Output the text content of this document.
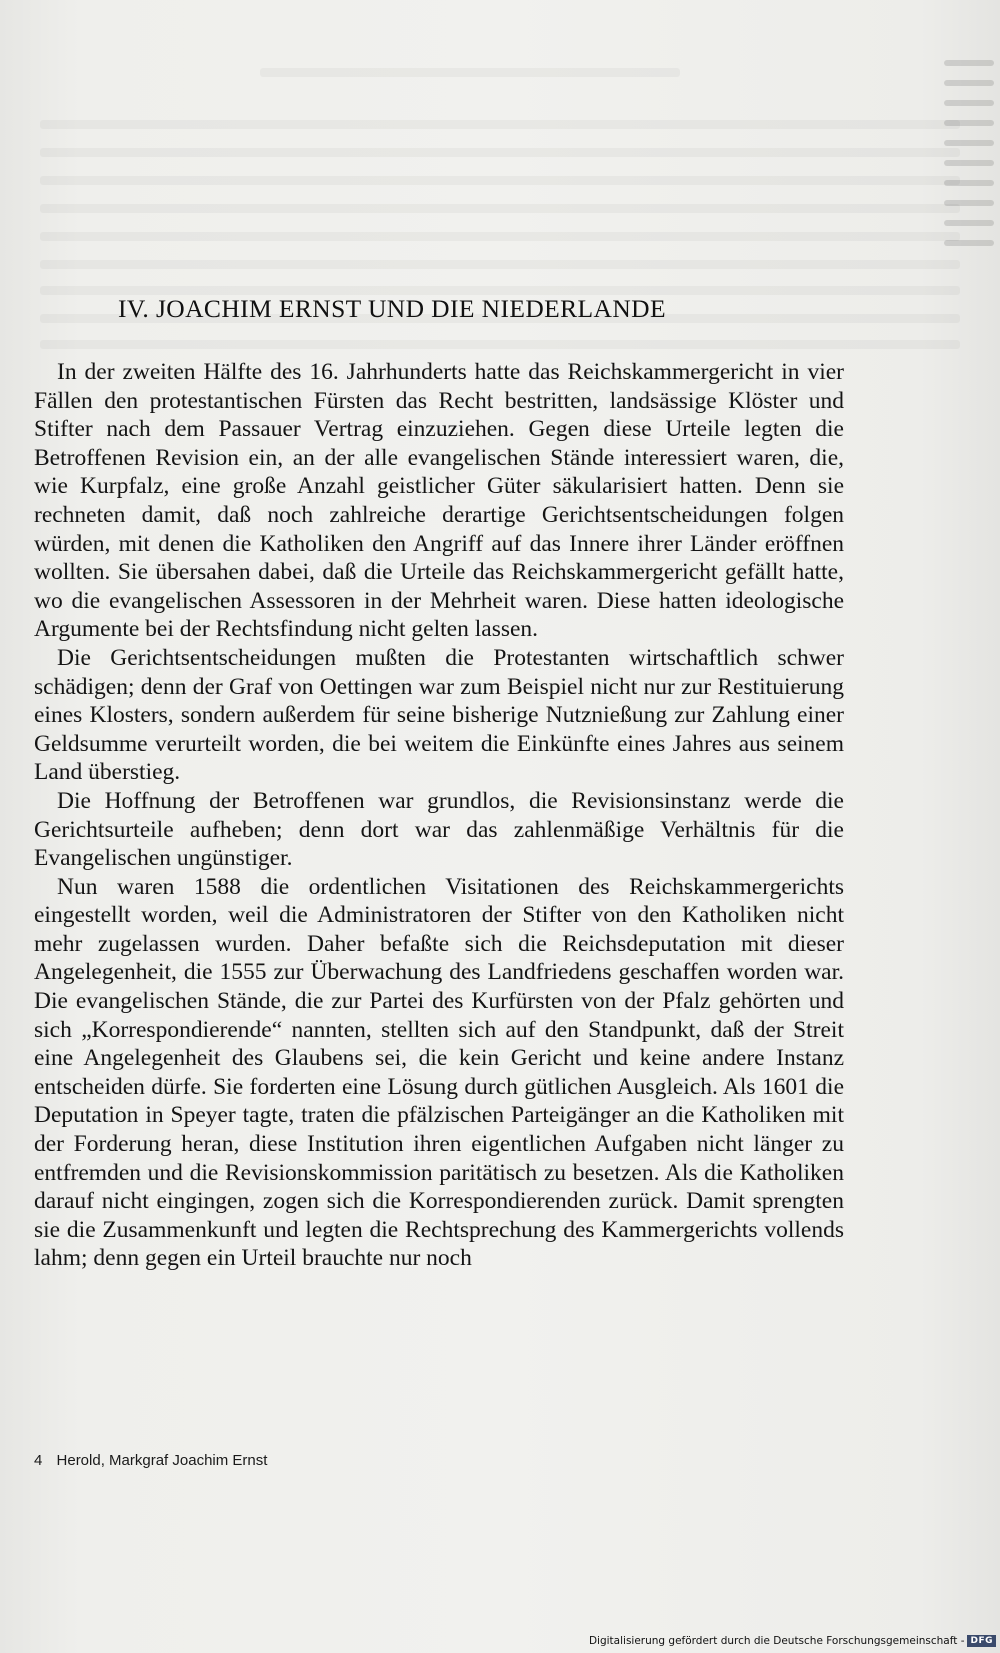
IV. JOACHIM ERNST UND DIE NIEDERLANDE

In der zweiten Hälfte des 16. Jahrhunderts hatte das Reichskammergericht in vier Fällen den protestantischen Fürsten das Recht bestritten, landsässige Klöster und Stifter nach dem Passauer Vertrag einzuziehen. Gegen diese Urteile legten die Betroffenen Revision ein, an der alle evangelischen Stände interessiert waren, die, wie Kurpfalz, eine große Anzahl geistlicher Güter säkularisiert hatten. Denn sie rechneten damit, daß noch zahlreiche derartige Gerichtsentscheidungen folgen würden, mit denen die Katholiken den Angriff auf das Innere ihrer Länder eröffnen wollten. Sie übersahen dabei, daß die Urteile das Reichskammergericht gefällt hatte, wo die evangelischen Assessoren in der Mehrheit waren. Diese hatten ideologische Argumente bei der Rechtsfindung nicht gelten lassen.

Die Gerichtsentscheidungen mußten die Protestanten wirtschaftlich schwer schädigen; denn der Graf von Oettingen war zum Beispiel nicht nur zur Restituierung eines Klosters, sondern außerdem für seine bisherige Nutznießung zur Zahlung einer Geldsumme verurteilt worden, die bei weitem die Einkünfte eines Jahres aus seinem Land überstieg.

Die Hoffnung der Betroffenen war grundlos, die Revisionsinstanz werde die Gerichtsurteile aufheben; denn dort war das zahlenmäßige Verhältnis für die Evangelischen ungünstiger.

Nun waren 1588 die ordentlichen Visitationen des Reichskammergerichts eingestellt worden, weil die Administratoren der Stifter von den Katholiken nicht mehr zugelassen wurden. Daher befaßte sich die Reichsdeputation mit dieser Angelegenheit, die 1555 zur Überwachung des Landfriedens geschaffen worden war. Die evangelischen Stände, die zur Partei des Kurfürsten von der Pfalz gehörten und sich „Korrespondierende“ nannten, stellten sich auf den Standpunkt, daß der Streit eine Angelegenheit des Glaubens sei, die kein Gericht und keine andere Instanz entscheiden dürfe. Sie forderten eine Lösung durch gütlichen Ausgleich. Als 1601 die Deputation in Speyer tagte, traten die pfälzischen Parteigänger an die Katholiken mit der Forderung heran, diese Institution ihren eigentlichen Aufgaben nicht länger zu entfremden und die Revisionskommission paritätisch zu besetzen. Als die Katholiken darauf nicht eingingen, zogen sich die Korrespondierenden zurück. Damit sprengten sie die Zusammenkunft und legten die Rechtsprechung des Kammergerichts vollends lahm; denn gegen ein Urteil brauchte nur noch

4 Herold, Markgraf Joachim Ernst
Digitalisierung gefördert durch die Deutsche Forschungsgemeinschaft - DFG
